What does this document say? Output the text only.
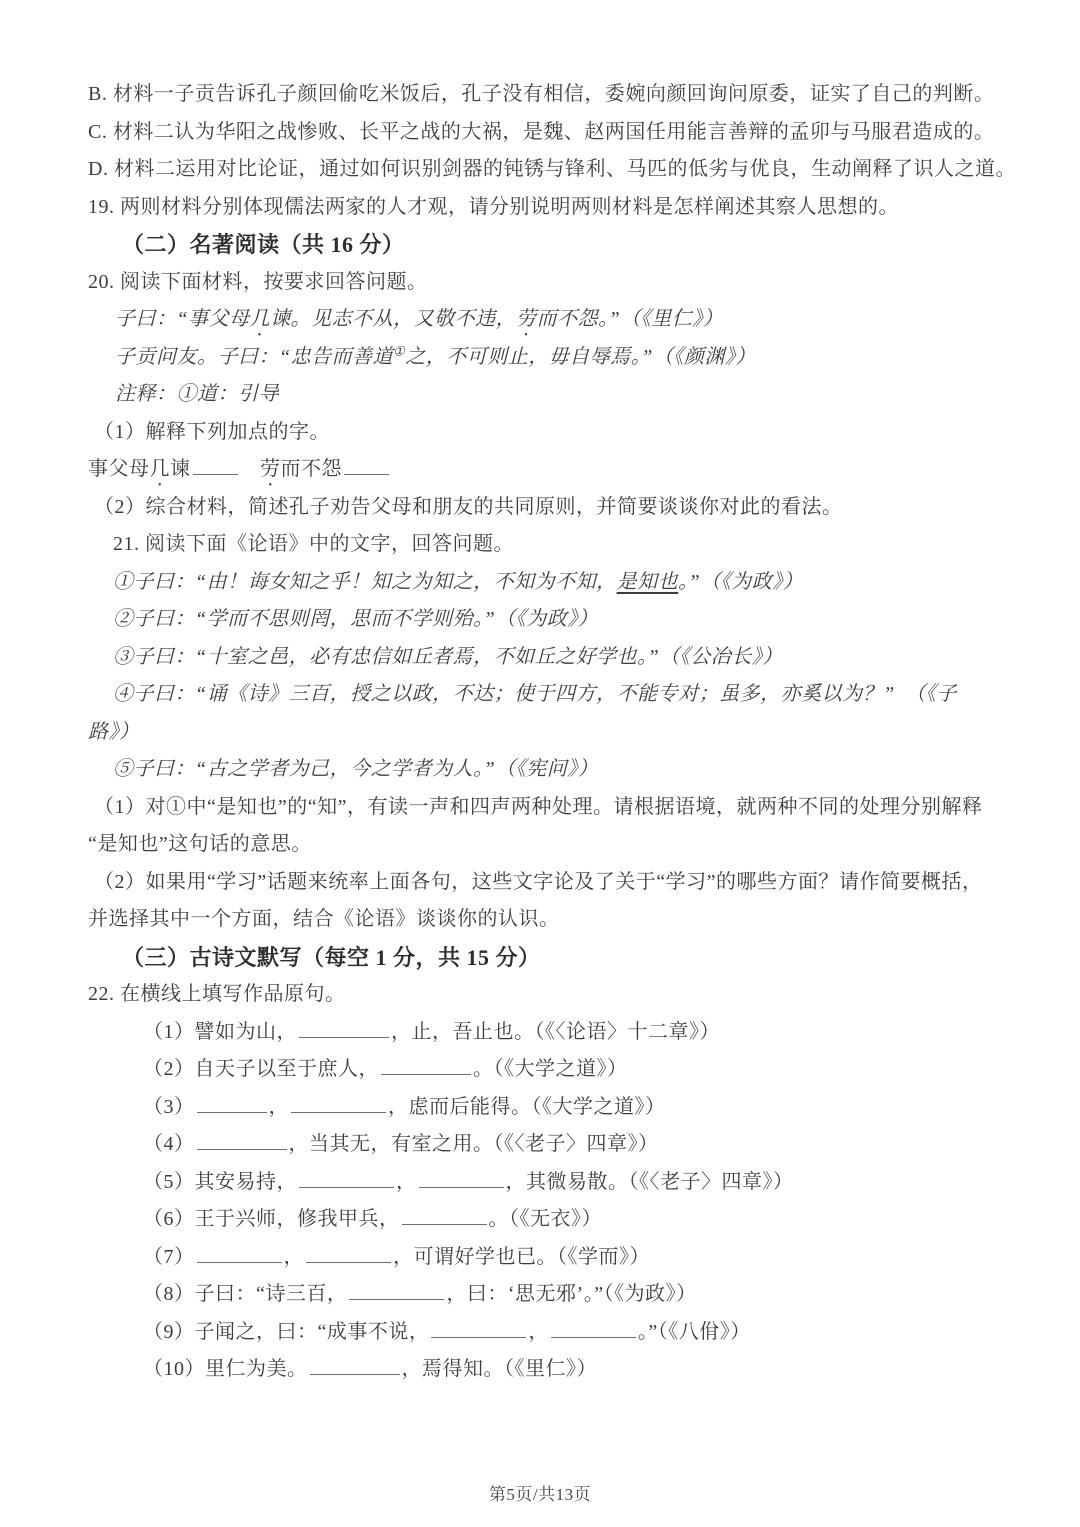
B. 材料一子贡告诉孔子颜回偷吃米饭后，孔子没有相信，委婉向颜回询问原委，证实了自己的判断。
C. 材料二认为华阳之战惨败、长平之战的大祸，是魏、赵两国任用能言善辩的孟卯与马服君造成的。
D. 材料二运用对比论证，通过如何识别剑器的钝锈与锋利、马匹的低劣与优良，生动阐释了识人之道。
19. 两则材料分别体现儒法两家的人才观，请分别说明两则材料是怎样阐述其察人思想的。
（二）名著阅读（共 16 分）
20. 阅读下面材料，按要求回答问题。
子曰：“事父母几谏。见志不从，又敬不违，劳而不怨。”（《里仁》）
子贡问友。子曰：“忠告而善道①之，不可则止，毋自辱焉。”（《颜渊》）
注释：①道：引导
（1）解释下列加点的字。
事父母几谏　	劳而不怨
（2）综合材料，简述孔子劝告父母和朋友的共同原则，并简要谈谈你对此的看法。
21. 阅读下面《论语》中的文字，回答问题。
①子曰：“由！诲女知之乎！知之为知之，不知为不知，是知也。”（《为政》）
②子曰：“学而不思则罔，思而不学则殆。”（《为政》）
③子曰：“十室之邑，必有忠信如丘者焉，不如丘之好学也。”（《公冶长》）
④子曰：“诵《诗》三百，授之以政，不达；使于四方，不能专对；虽多，亦奚以为？”　（《子
路》）
⑤子曰：“古之学者为己，今之学者为人。”（《宪问》）
（1）对①中“是知也”的“知”，有读一声和四声两种处理。请根据语境，就两种不同的处理分别解释
“是知也”这句话的意思。
（2）如果用“学习”话题来统率上面各句，这些文字论及了关于“学习”的哪些方面？请作简要概括，
并选择其中一个方面，结合《论语》谈谈你的认识。
（三）古诗文默写（每空 1 分，共 15 分）
22. 在横线上填写作品原句。
（1）譬如为山，	，止，吾止也。（《〈论语〉十二章》）
（2）自天子以至于庶人，	。（《大学之道》）
（3）	，	，虑而后能得。（《大学之道》）
（4）	，当其无，有室之用。（《〈老子〉四章》）
（5）其安易持，	，	，其微易散。（《〈老子〉四章》）
（6）王于兴师，修我甲兵，	。（《无衣》）
（7）	，	，可谓好学也已。（《学而》）
（8）子曰：“诗三百，	，曰：‘思无邪’。”（《为政》）
（9）子闻之，曰：“成事不说，	，	。”（《八佾》）
（10）里仁为美。	，焉得知。（《里仁》）
第5页/共13页
